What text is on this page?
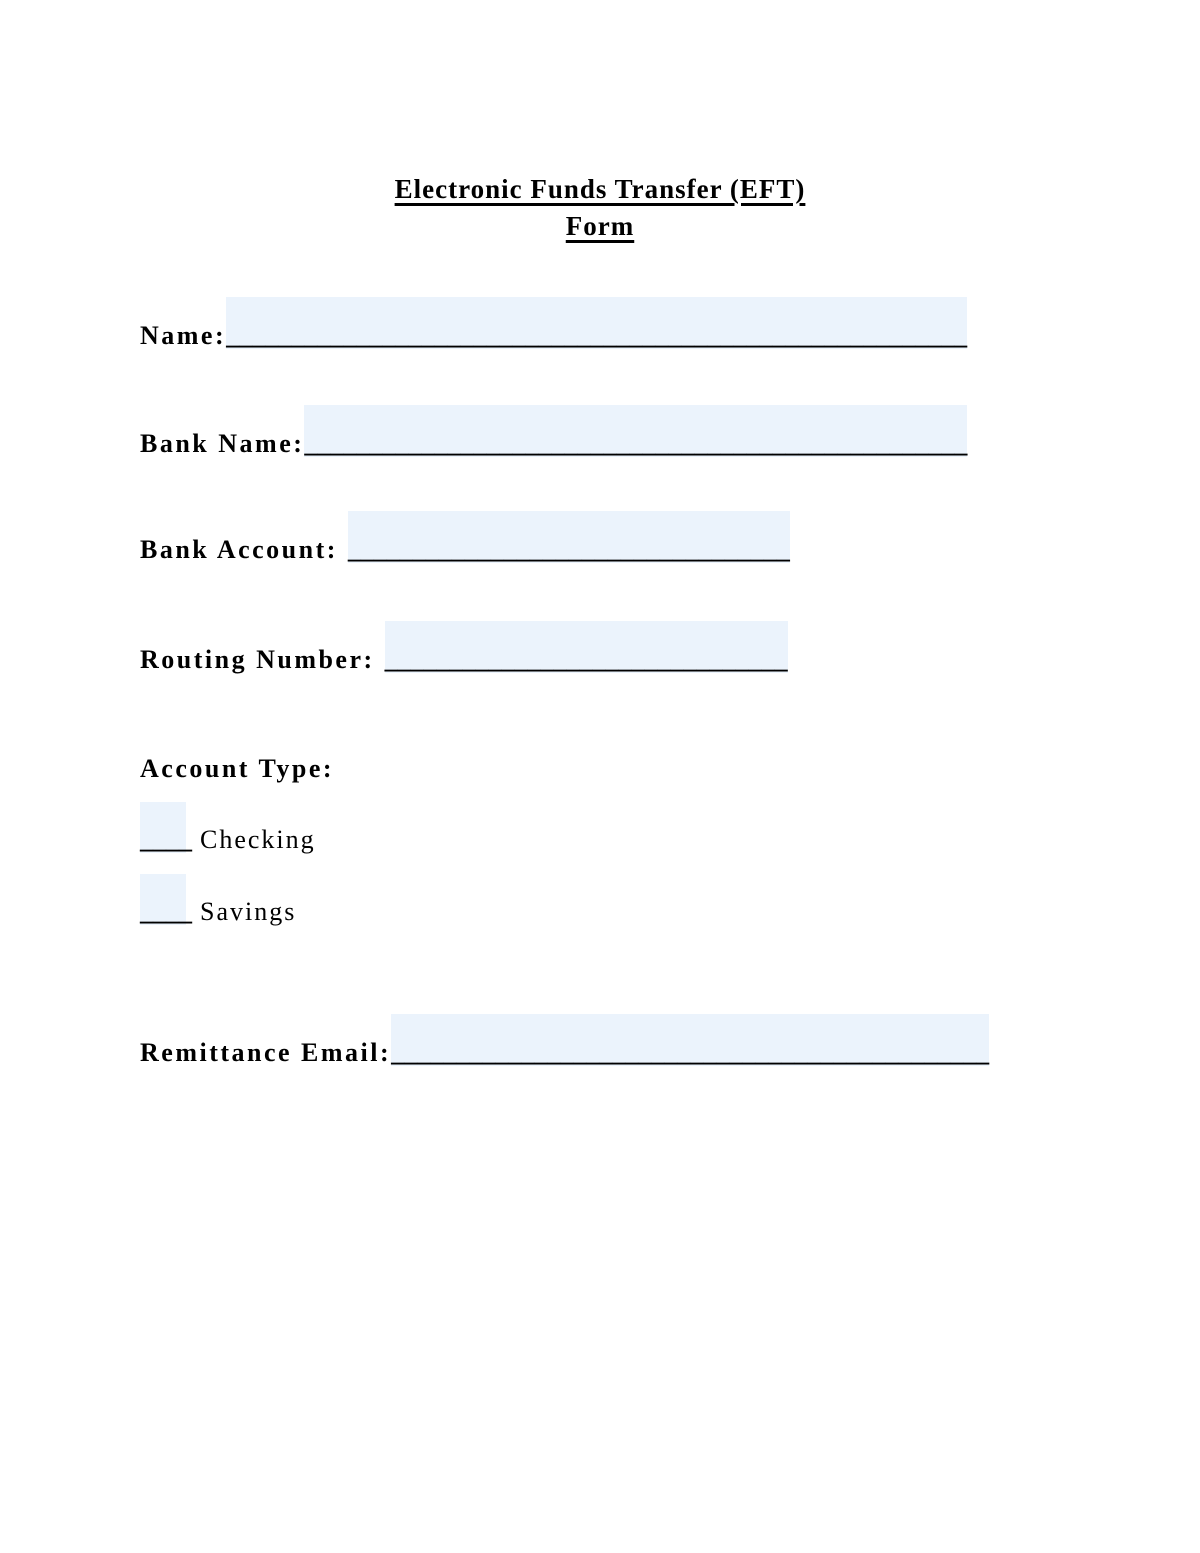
Electronic Funds Transfer (EFT)
Form
Name:
_________________________________________________________
Bank Name:
___________________________________________________
Bank Account: __________________________________
Routing Number: _______________________________
Account Type:
____ Checking
____ Savings
Remittance Email:
______________________________________________
